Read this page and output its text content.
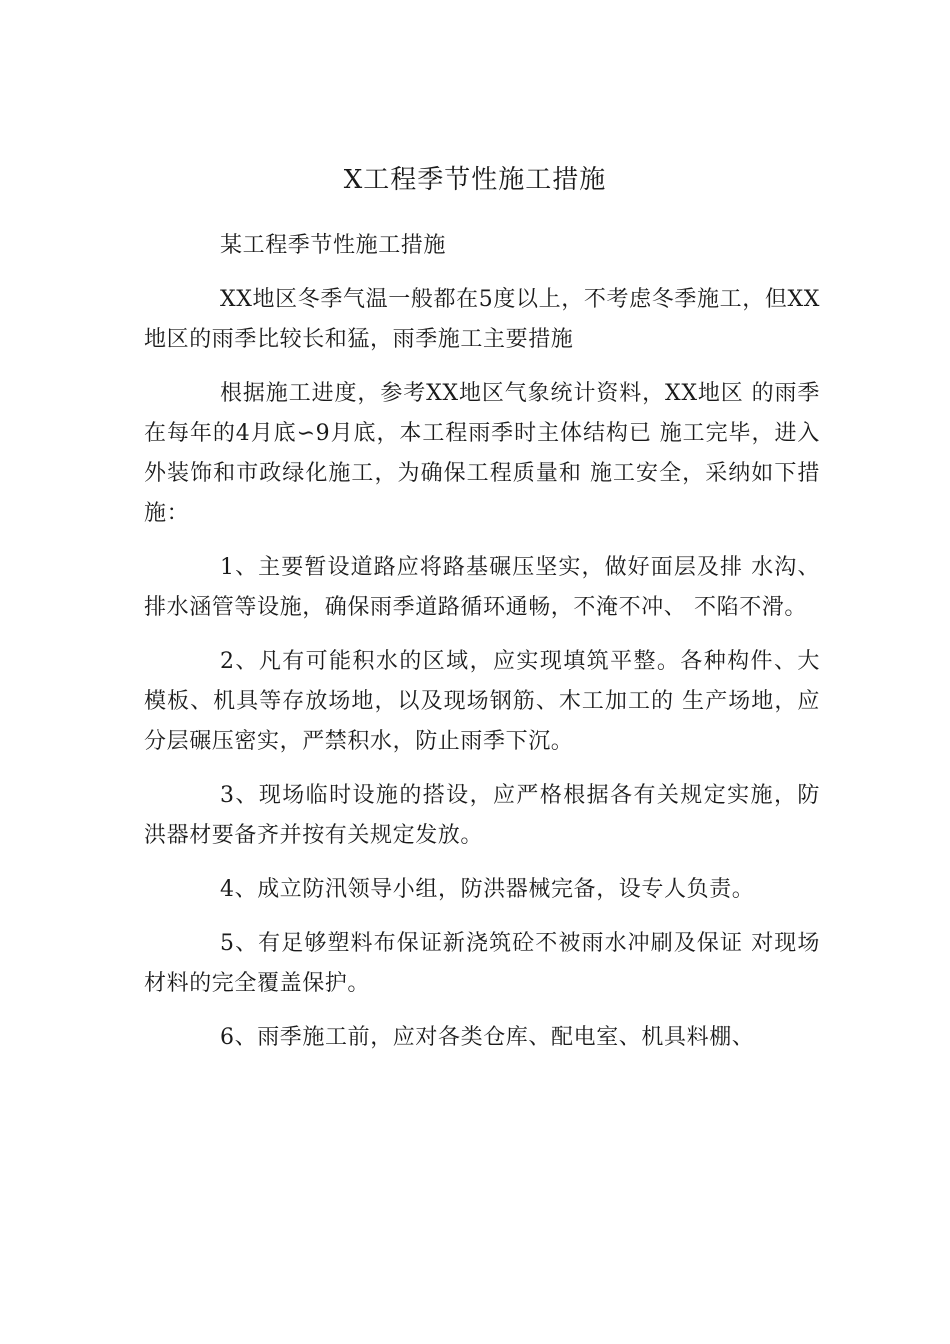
X工程季节性施工措施

某工程季节性施工措施

XX地区冬季气温一般都在5度以上，不考虑冬季施工，但XX地区的雨季比较长和猛，雨季施工主要措施

根据施工进度，参考XX地区气象统计资料，XX地区 的雨季在每年的4月底∽9月底，本工程雨季时主体结构已 施工完毕，进入外装饰和市政绿化施工，为确保工程质量和 施工安全，采纳如下措施：

1、主要暂设道路应将路基碾压坚实，做好面层及排 水沟、排水涵管等设施，确保雨季道路循环通畅，不淹不冲、 不陷不滑。

2、凡有可能积水的区域，应实现填筑平整。各种构件、大模板、机具等存放场地，以及现场钢筋、木工加工的 生产场地，应分层碾压密实，严禁积水，防止雨季下沉。

3、现场临时设施的搭设，应严格根据各有关规定实施，防洪器材要备齐并按有关规定发放。

4、成立防汛领导小组，防洪器械完备，设专人负责。

5、有足够塑料布保证新浇筑砼不被雨水冲刷及保证 对现场材料的完全覆盖保护。

6、雨季施工前，应对各类仓库、配电室、机具料棚、
